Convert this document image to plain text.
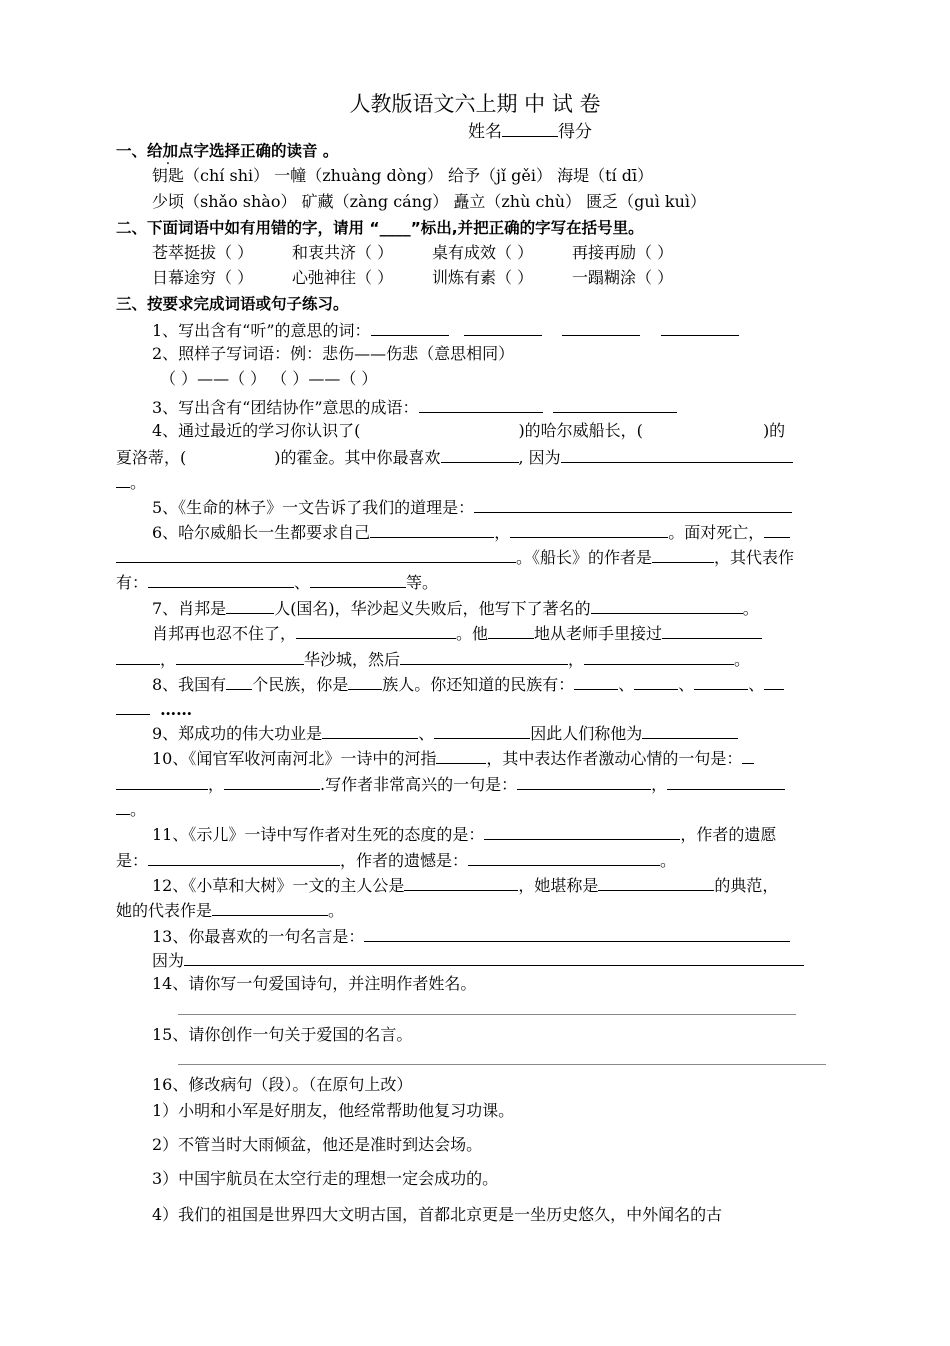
人教版语文六上期 中 试 卷
姓名	得分
一、给加点字选择正确的读音 。
钥匙（chí shi） 一幢（zhuàng dòng） 给予（jǐ gěi） 海堤（tí dī）
少顷（shǎo shào） 矿藏（zàng cáng） 矗立（zhù chù） 匮乏（guì kuì）
二、下面词语中如有用错的字，请用 “____”标出,并把正确的字写在括号里。
苍萃挺拔（ ） 和衷共济（ ） 桌有成效（ ） 再接再励（ ）
日幕途穷（ ） 心弛神往（ ） 训炼有素（ ） 一蹋糊涂（ ）
三、按要求完成词语或句子练习。
1、写出含有“听”的意思的词：
2、照样子写词语：例：悲伤——伤悲（意思相同）
（ ）——（ ） （ ）——（ ）
3、写出含有“团结协作”意思的成语：
4、通过最近的学习你认识了(	)的哈尔威船长，(	)的
夏洛蒂，(	)的霍金。其中你最喜欢	, 因为
。
5、《生命的林子》一文告诉了我们的道理是：
6、哈尔威船长一生都要求自己	，	。面对死亡，
。《船长》的作者是	，其代表作
有：	、	等。
7、肖邦是	人(国名)，华沙起义失败后，他写下了著名的	。
肖邦再也忍不住了，	。他	地从老师手里接过
，	华沙城，然后	，	。
8、我国有 个民族，你是 族人。你还知道的民族有：	、	、	、
……
9、郑成功的伟大功业是	、	因此人们称他为
10、《闻官军收河南河北》一诗中的河指	，其中表达作者激动心情的一句是：
，	.写作者非常高兴的一句是：	，
。
11、《示儿》一诗中写作者对生死的态度的是：	，作者的遗愿
是：	，作者的遗憾是：	。
12、《小草和大树》一文的主人公是	，她堪称是	的典范，
她的代表作是	。
13、你最喜欢的一句名言是：
因为
14、请你写一句爱国诗句，并注明作者姓名。
15、请你创作一句关于爱国的名言。
16、修改病句（段）。（在原句上改）
1）小明和小军是好朋友，他经常帮助他复习功课。
2）不管当时大雨倾盆，他还是准时到达会场。
3）中国宇航员在太空行走的理想一定会成功的。
4）我们的祖国是世界四大文明古国，首都北京更是一坐历史悠久，中外闻名的古
